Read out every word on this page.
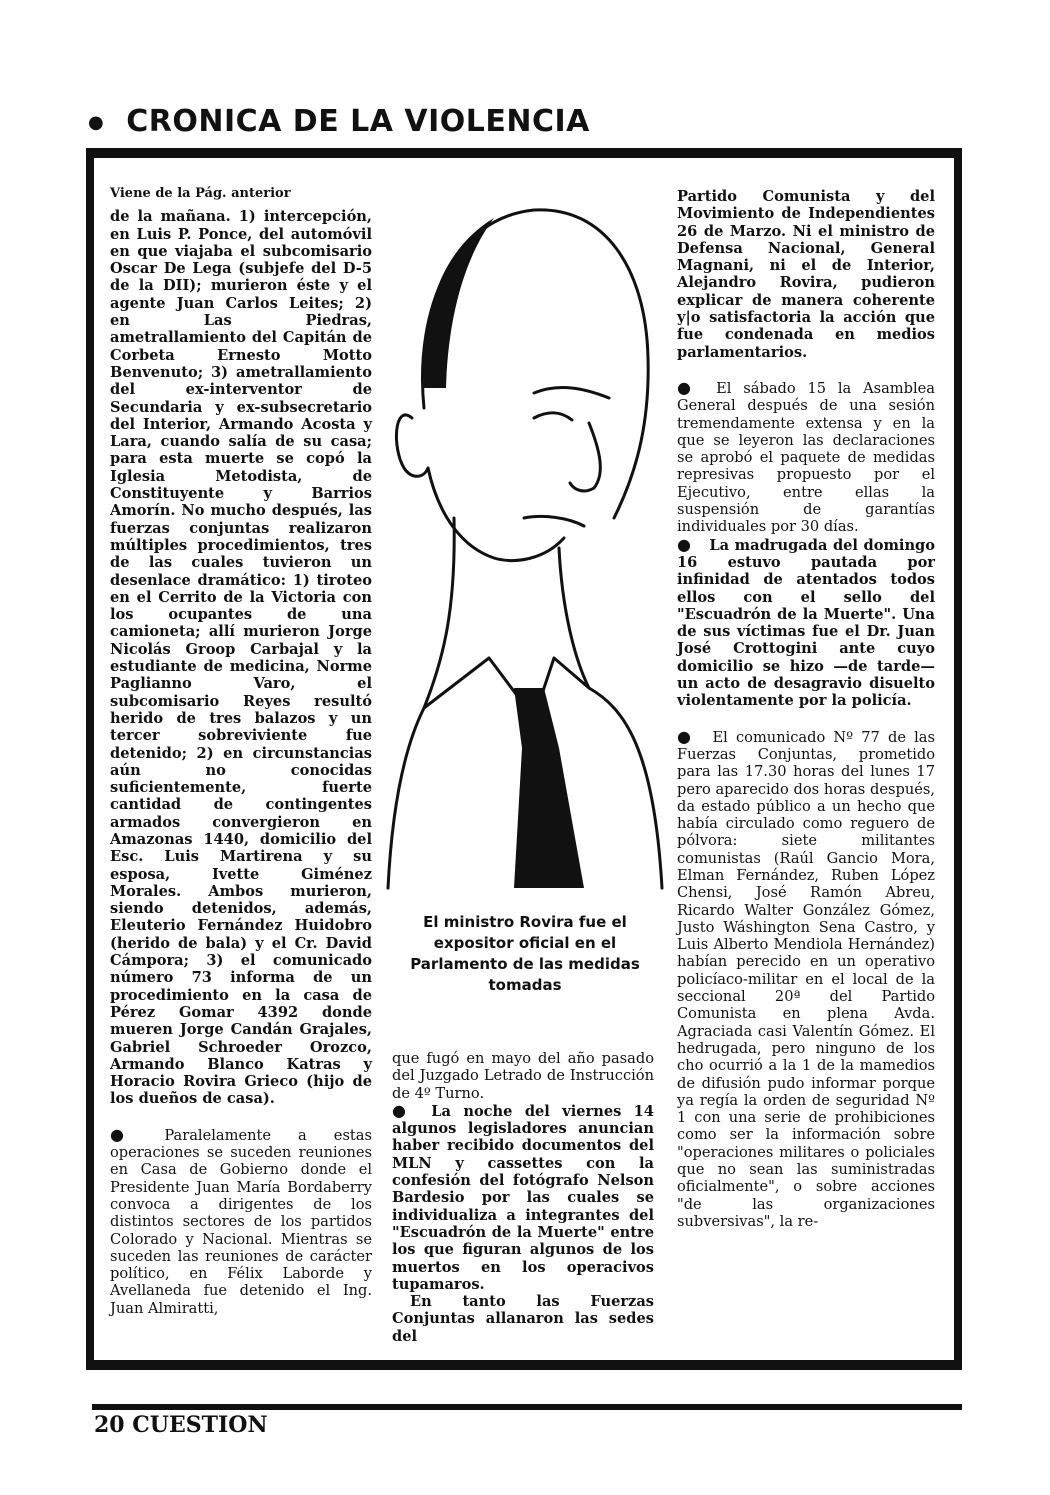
● CRONICA DE LA VIOLENCIA
Viene de la Pág. anterior

de la mañana. 1) intercepción, en Luis P. Ponce, del automóvil en que viajaba el subcomisario Oscar De Lega (subjefe del D-5 de la DII); murieron éste y el agente Juan Carlos Leites; 2) en Las Piedras, ametrallamiento del Capitán de Corbeta Ernesto Motto Benvenuto; 3) ametrallamiento del ex-interventor de Secundaria y ex-subsecretario del Interior, Armando Acosta y Lara, cuando salía de su casa; para esta muerte se copó la Iglesia Metodista, de Constituyente y Barrios Amorín. No mucho después, las fuerzas conjuntas realizaron múltiples procedimientos, tres de las cuales tuvieron un desenlace dramático: 1) tiroteo en el Cerrito de la Victoria con los ocupantes de una camioneta; allí murieron Jorge Nicolás Groop Carbajal y la estudiante de medicina, Norme Paglianno Varo, el subcomisario Reyes resultó herido de tres balazos y un tercer sobreviviente fue detenido; 2) en circunstancias aún no conocidas suficientemente, fuerte cantidad de contingentes armados convergieron en Amazonas 1440, domicilio del Esc. Luis Martirena y su esposa, Ivette Giménez Morales. Ambos murieron, siendo detenidos, además, Eleuterio Fernández Huidobro (herido de bala) y el Cr. David Cámpora; 3) el comunicado número 73 informa de un procedimiento en la casa de Pérez Gomar 4392 donde mueren Jorge Candán Grajales, Gabriel Schroeder Orozco, Armando Blanco Katras y Horacio Rovira Grieco (hijo de los dueños de casa).

● Paralelamente a estas operaciones se suceden reuniones en Casa de Gobierno donde el Presidente Juan María Bordaberry convoca a dirigentes de los distintos sectores de los partidos Colorado y Nacional. Mientras se suceden las reuniones de carácter político, en Félix Laborde y Avellaneda fue detenido el Ing. Juan Almiratti,

El ministro Rovira fue el expositor oficial en el Parlamento de las medidas tomadas

que fugó en mayo del año pasado del Juzgado Letrado de Instrucción de 4º Turno.

● La noche del viernes 14 algunos legisladores anuncian haber recibido documentos del MLN y cassettes con la confesión del fotógrafo Nelson Bardesio por las cuales se individualiza a integrantes del "Escuadrón de la Muerte" entre los que figuran algunos de los muertos en los operacivos tupamaros.

En tanto las Fuerzas Conjuntas allanaron las sedes del

Partido Comunista y del Movimiento de Independientes 26 de Marzo. Ni el ministro de Defensa Nacional, General Magnani, ni el de Interior, Alejandro Rovira, pudieron explicar de manera coherente y|o satisfactoria la acción que fue condenada en medios parlamentarios.

● El sábado 15 la Asamblea General después de una sesión tremendamente extensa y en la que se leyeron las declaraciones se aprobó el paquete de medidas represivas propuesto por el Ejecutivo, entre ellas la suspensión de garantías individuales por 30 días.

● La madrugada del domingo 16 estuvo pautada por infinidad de atentados todos ellos con el sello del "Escuadrón de la Muerte". Una de sus víctimas fue el Dr. Juan José Crottogini ante cuyo domicilio se hizo —de tarde— un acto de desagravio disuelto violentamente por la policía.

● El comunicado Nº 77 de las Fuerzas Conjuntas, prometido para las 17.30 horas del lunes 17 pero aparecido dos horas después, da estado público a un hecho que había circulado como reguero de pólvora: siete militantes comunistas (Raúl Gancio Mora, Elman Fernández, Ruben López Chensi, José Ramón Abreu, Ricardo Walter González Gómez, Justo Wáshington Sena Castro, y Luis Alberto Mendiola Hernández) habían perecido en un operativo policíaco-militar en el local de la seccional 20ª del Partido Comunista en plena Avda. Agraciada casi Valentín Gómez. El hedrugada, pero ninguno de los cho ocurrió a la 1 de la mamedios de difusión pudo informar porque ya regía la orden de seguridad Nº 1 con una serie de prohibiciones como ser la información sobre "operaciones militares o policiales que no sean las suministradas oficialmente", o sobre acciones "de las organizaciones subversivas", la re-

20 CUESTION
